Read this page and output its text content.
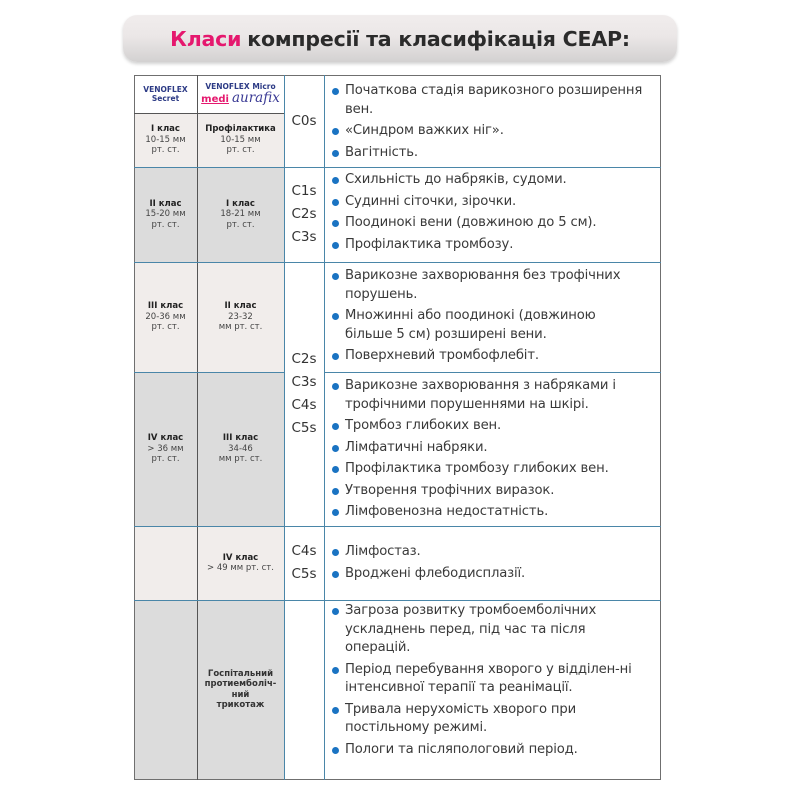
Класи компресії та класифікація CEAP:
VENOFLEX
Secret
VENOFLEX Micro
medi aurafix
I клас
10-15 мм
рт. ст.
Профілактика
10-15 мм
рт. ст.
II клас
15-20 мм
рт. ст.
I клас
18-21 мм
рт. ст.
III клас
20-36 мм
рт. ст.
II клас
23-32
мм рт. ст.
IV клас
> 36 мм
рт. ст.
III клас
34-46
мм рт. ст.
IV клас
> 49 мм рт. ст.
Госпітальний
протиемболіч-
ний
трикотаж
C0s
C1s
C2s
C3s
C2s
C3s
C4s
C5s
C4s
C5s
Початкова стадія варикозного розширення вен.
«Синдром важких ніг».
Вагітність.
Схильність до набряків, судоми.
Судинні сіточки, зірочки.
Поодинокі вени (довжиною до 5 см).
Профілактика тромбозу.
Варикозне захворювання без трофічних порушень.
Множинні або поодинокі (довжиною більше 5 см) розширені вени.
Поверхневий тромбофлебіт.
Варикозне захворювання з набряками і трофічними порушеннями на шкірі.
Тромбоз глибоких вен.
Лімфатичні набряки.
Профілактика тромбозу глибоких вен.
Утворення трофічних виразок.
Лімфовенозна недостатність.
Лімфостаз.
Вроджені флебодисплазії.
Загроза розвитку тромбоемболічних ускладнень перед, під час та після операцій.
Період перебування хворого у відділен-ні інтенсивної терапії та реанімації.
Тривала нерухомість хворого при постільному режимі.
Пологи та післяпологовий період.
